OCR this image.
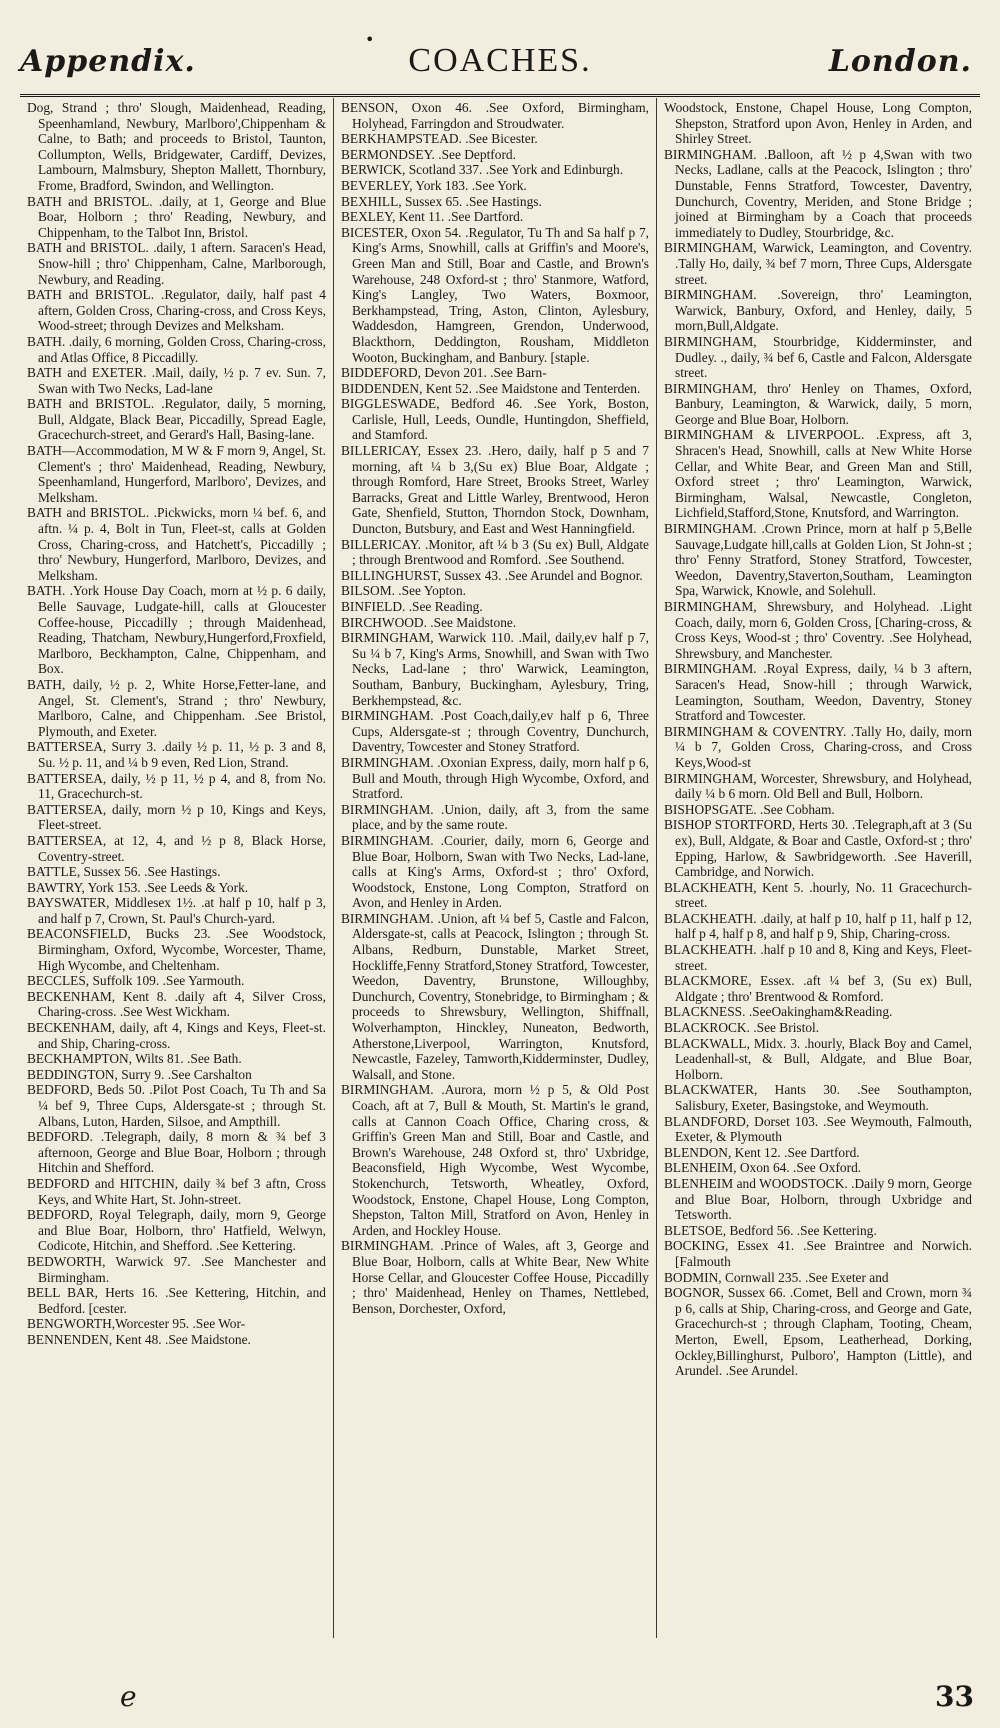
Appendix.
•
COACHES.	London.

Dog, Strand ; thro' Slough, Maidenhead, Reading, Speenhamland, Newbury, Marlboro',Chippenham & Calne, to Bath; and proceeds to Bristol, Taunton, Collumpton, Wells, Bridgewater, Cardiff, Devizes, Lambourn, Malmsbury, Shepton Mallett, Thornbury, Frome, Bradford, Swindon, and Wellington.

BATH and BRISTOL. .daily, at 1, George and Blue Boar, Holborn ; thro' Reading, Newbury, and Chippenham, to the Talbot Inn, Bristol.

BATH and BRISTOL. .daily, 1 aftern. Saracen's Head, Snow-hill ; thro' Chippenham, Calne, Marlborough, Newbury, and Reading.

BATH and BRISTOL. .Regulator, daily, half past 4 aftern, Golden Cross, Charing-cross, and Cross Keys, Wood-street; through Devizes and Melksham.

BATH. .daily, 6 morning, Golden Cross, Charing-cross, and Atlas Office, 8 Piccadilly.

BATH and EXETER. .Mail, daily, ½ p. 7 ev. Sun. 7, Swan with Two Necks, Lad-lane

BATH and BRISTOL. .Regulator, daily, 5 morning, Bull, Aldgate, Black Bear, Piccadilly, Spread Eagle, Gracechurch-street, and Gerard's Hall, Basing-lane.

BATH—Accommodation, M W & F morn 9, Angel, St. Clement's ; thro' Maidenhead, Reading, Newbury, Speenhamland, Hungerford, Marlboro', Devizes, and Melksham.

BATH and BRISTOL. .Pickwicks, morn ¼ bef. 6, and aftn. ¼ p. 4, Bolt in Tun, Fleet-st, calls at Golden Cross, Charing-cross, and Hatchett's, Piccadilly ; thro' Newbury, Hungerford, Marlboro, Devizes, and Melksham.

BATH. .York House Day Coach, morn at ½ p. 6 daily, Belle Sauvage, Ludgate-hill, calls at Gloucester Coffee-house, Piccadilly ; through Maidenhead, Reading, Thatcham, Newbury,Hungerford,Froxfield, Marlboro, Beckhampton, Calne, Chippenham, and Box.

BATH, daily, ½ p. 2, White Horse,Fetter-lane, and Angel, St. Clement's, Strand ; thro' Newbury, Marlboro, Calne, and Chippenham. .See Bristol, Plymouth, and Exeter.

BATTERSEA, Surry 3. .daily ½ p. 11, ½ p. 3 and 8, Su. ½ p. 11, and ¼ b 9 even, Red Lion, Strand.

BATTERSEA, daily, ½ p 11, ½ p 4, and 8, from No. 11, Gracechurch-st.

BATTERSEA, daily, morn ½ p 10, Kings and Keys, Fleet-street.

BATTERSEA, at 12, 4, and ½ p 8, Black Horse, Coventry-street.

BATTLE, Sussex 56. .See Hastings.

BAWTRY, York 153. .See Leeds & York.

BAYSWATER, Middlesex 1½. .at half p 10, half p 3, and half p 7, Crown, St. Paul's Church-yard.

BEACONSFIELD, Bucks 23. .See Woodstock, Birmingham, Oxford, Wycombe, Worcester, Thame, High Wycombe, and Cheltenham.

BECCLES, Suffolk 109. .See Yarmouth.

BECKENHAM, Kent 8. .daily aft 4, Silver Cross, Charing-cross. .See West Wickham.

BECKENHAM, daily, aft 4, Kings and Keys, Fleet-st. and Ship, Charing-cross.

BECKHAMPTON, Wilts 81. .See Bath.

BEDDINGTON, Surry 9. .See Carshalton

BEDFORD, Beds 50. .Pilot Post Coach, Tu Th and Sa ¼ bef 9, Three Cups, Aldersgate-st ; through St. Albans, Luton, Harden, Silsoe, and Ampthill.

BEDFORD. .Telegraph, daily, 8 morn & ¾ bef 3 afternoon, George and Blue Boar, Holborn ; through Hitchin and Shefford.

BEDFORD and HITCHIN, daily ¾ bef 3 aftn, Cross Keys, and White Hart, St. John-street.

BEDFORD, Royal Telegraph, daily, morn 9, George and Blue Boar, Holborn, thro' Hatfield, Welwyn, Codicote, Hitchin, and Shefford. .See Kettering.

BEDWORTH, Warwick 97. .See Manchester and Birmingham.

BELL BAR, Herts 16. .See Kettering, Hitchin, and Bedford. [cester.

BENGWORTH,Worcester 95. .See Wor-

BENNENDEN, Kent 48. .See Maidstone.

BENSON, Oxon 46. .See Oxford, Birmingham, Holyhead, Farringdon and Stroudwater.

BERKHAMPSTEAD. .See Bicester.

BERMONDSEY. .See Deptford.

BERWICK, Scotland 337. .See York and Edinburgh.

BEVERLEY, York 183. .See York.

BEXHILL, Sussex 65. .See Hastings.

BEXLEY, Kent 11. .See Dartford.

BICESTER, Oxon 54. .Regulator, Tu Th and Sa half p 7, King's Arms, Snowhill, calls at Griffin's and Moore's, Green Man and Still, Boar and Castle, and Brown's Warehouse, 248 Oxford-st ; thro' Stanmore, Watford, King's Langley, Two Waters, Boxmoor, Berkhampstead, Tring, Aston, Clinton, Aylesbury, Waddesdon, Hamgreen, Grendon, Underwood, Blackthorn, Deddington, Rousham, Middleton Wooton, Buckingham, and Banbury. [staple.

BIDDEFORD, Devon 201. .See Barn-

BIDDENDEN, Kent 52. .See Maidstone and Tenterden.

BIGGLESWADE, Bedford 46. .See York, Boston, Carlisle, Hull, Leeds, Oundle, Huntingdon, Sheffield, and Stamford.

BILLERICAY, Essex 23. .Hero, daily, half p 5 and 7 morning, aft ¼ b 3,(Su ex) Blue Boar, Aldgate ; through Romford, Hare Street, Brooks Street, Warley Barracks, Great and Little Warley, Brentwood, Heron Gate, Shenfield, Stutton, Thorndon Stock, Downham, Duncton, Butsbury, and East and West Hanningfield.

BILLERICAY. .Monitor, aft ¼ b 3 (Su ex) Bull, Aldgate ; through Brentwood and Romford. .See Southend.

BILLINGHURST, Sussex 43. .See Arundel and Bognor.

BILSOM. .See Yopton.

BINFIELD. .See Reading.

BIRCHWOOD. .See Maidstone.

BIRMINGHAM, Warwick 110. .Mail, daily,ev half p 7, Su ¼ b 7, King's Arms, Snowhill, and Swan with Two Necks, Lad-lane ; thro' Warwick, Leamington, Southam, Banbury, Buckingham, Aylesbury, Tring, Berkhempstead, &c.

BIRMINGHAM. .Post Coach,daily,ev half p 6, Three Cups, Aldersgate-st ; through Coventry, Dunchurch, Daventry, Towcester and Stoney Stratford.

BIRMINGHAM. .Oxonian Express, daily, morn half p 6, Bull and Mouth, through High Wycombe, Oxford, and Stratford.

BIRMINGHAM. .Union, daily, aft 3, from the same place, and by the same route.

BIRMINGHAM. .Courier, daily, morn 6, George and Blue Boar, Holborn, Swan with Two Necks, Lad-lane, calls at King's Arms, Oxford-st ; thro' Oxford, Woodstock, Enstone, Long Compton, Stratford on Avon, and Henley in Arden.

BIRMINGHAM. .Union, aft ¼ bef 5, Castle and Falcon, Aldersgate-st, calls at Peacock, Islington ; through St. Albans, Redburn, Dunstable, Market Street, Hockliffe,Fenny Stratford,Stoney Stratford, Towcester, Weedon, Daventry, Brunstone, Willoughby, Dunchurch, Coventry, Stonebridge, to Birmingham ; & proceeds to Shrewsbury, Wellington, Shiffnall, Wolverhampton, Hinckley, Nuneaton, Bedworth, Atherstone,Liverpool, Warrington, Knutsford, Newcastle, Fazeley, Tamworth,Kidderminster, Dudley, Walsall, and Stone.

BIRMINGHAM. .Aurora, morn ½ p 5, & Old Post Coach, aft at 7, Bull & Mouth, St. Martin's le grand, calls at Cannon Coach Office, Charing cross, & Griffin's Green Man and Still, Boar and Castle, and Brown's Warehouse, 248 Oxford st, thro' Uxbridge, Beaconsfield, High Wycombe, West Wycombe, Stokenchurch, Tetsworth, Wheatley, Oxford, Woodstock, Enstone, Chapel House, Long Compton, Shepston, Talton Mill, Stratford on Avon, Henley in Arden, and Hockley House.

BIRMINGHAM. .Prince of Wales, aft 3, George and Blue Boar, Holborn, calls at White Bear, New White Horse Cellar, and Gloucester Coffee House, Piccadilly ; thro' Maidenhead, Henley on Thames, Nettlebed, Benson, Dorchester, Oxford,

Woodstock, Enstone, Chapel House, Long Compton, Shepston, Stratford upon Avon, Henley in Arden, and Shirley Street.

BIRMINGHAM. .Balloon, aft ½ p 4,Swan with two Necks, Ladlane, calls at the Peacock, Islington ; thro' Dunstable, Fenns Stratford, Towcester, Daventry, Dunchurch, Coventry, Meriden, and Stone Bridge ; joined at Birmingham by a Coach that proceeds immediately to Dudley, Stourbridge, &c.

BIRMINGHAM, Warwick, Leamington, and Coventry. .Tally Ho, daily, ¾ bef 7 morn, Three Cups, Aldersgate street.

BIRMINGHAM. .Sovereign, thro' Leamington, Warwick, Banbury, Oxford, and Henley, daily, 5 morn,Bull,Aldgate.

BIRMINGHAM, Stourbridge, Kidderminster, and Dudley. ., daily, ¾ bef 6, Castle and Falcon, Aldersgate street.

BIRMINGHAM, thro' Henley on Thames, Oxford, Banbury, Leamington, & Warwick, daily, 5 morn, George and Blue Boar, Holborn.

BIRMINGHAM & LIVERPOOL. .Express, aft 3, Shracen's Head, Snowhill, calls at New White Horse Cellar, and White Bear, and Green Man and Still, Oxford street ; thro' Leamington, Warwick, Birmingham, Walsal, Newcastle, Congleton, Lichfield,Stafford,Stone, Knutsford, and Warrington.

BIRMINGHAM. .Crown Prince, morn at half p 5,Belle Sauvage,Ludgate hill,calls at Golden Lion, St John-st ; thro' Fenny Stratford, Stoney Stratford, Towcester, Weedon, Daventry,Staverton,Southam, Leamington Spa, Warwick, Knowle, and Solehull.

BIRMINGHAM, Shrewsbury, and Holyhead. .Light Coach, daily, morn 6, Golden Cross, [Charing-cross, & Cross Keys, Wood-st ; thro' Coventry. .See Holyhead, Shrewsbury, and Manchester.

BIRMINGHAM. .Royal Express, daily, ¼ b 3 aftern, Saracen's Head, Snow-hill ; through Warwick, Leamington, Southam, Weedon, Daventry, Stoney Stratford and Towcester.

BIRMINGHAM & COVENTRY. .Tally Ho, daily, morn ¼ b 7, Golden Cross, Charing-cross, and Cross Keys,Wood-st

BIRMINGHAM, Worcester, Shrewsbury, and Holyhead, daily ¼ b 6 morn. Old Bell and Bull, Holborn.

BISHOPSGATE. .See Cobham.

BISHOP STORTFORD, Herts 30. .Telegraph,aft at 3 (Su ex), Bull, Aldgate, & Boar and Castle, Oxford-st ; thro' Epping, Harlow, & Sawbridgeworth. .See Haverill, Cambridge, and Norwich.

BLACKHEATH, Kent 5. .hourly, No. 11 Gracechurch-street.

BLACKHEATH. .daily, at half p 10, half p 11, half p 12, half p 4, half p 8, and half p 9, Ship, Charing-cross.

BLACKHEATH. .half p 10 and 8, King and Keys, Fleet-street.

BLACKMORE, Essex. .aft ¼ bef 3, (Su ex) Bull, Aldgate ; thro' Brentwood & Romford.

BLACKNESS. .SeeOakingham&Reading.

BLACKROCK. .See Bristol.

BLACKWALL, Midx. 3. .hourly, Black Boy and Camel, Leadenhall-st, & Bull, Aldgate, and Blue Boar, Holborn.

BLACKWATER, Hants 30. .See Southampton, Salisbury, Exeter, Basingstoke, and Weymouth.

BLANDFORD, Dorset 103. .See Weymouth, Falmouth, Exeter, & Plymouth

BLENDON, Kent 12. .See Dartford.

BLENHEIM, Oxon 64. .See Oxford.

BLENHEIM and WOODSTOCK. .Daily 9 morn, George and Blue Boar, Holborn, through Uxbridge and Tetsworth.

BLETSOE, Bedford 56. .See Kettering.

BOCKING, Essex 41. .See Braintree and Norwich. [Falmouth

BODMIN, Cornwall 235. .See Exeter and

BOGNOR, Sussex 66. .Comet, Bell and Crown, morn ¾ p 6, calls at Ship, Charing-cross, and George and Gate, Gracechurch-st ; through Clapham, Tooting, Cheam, Merton, Ewell, Epsom, Leatherhead, Dorking, Ockley,Billinghurst, Pulboro', Hampton (Little), and Arundel. .See Arundel.

e	33
